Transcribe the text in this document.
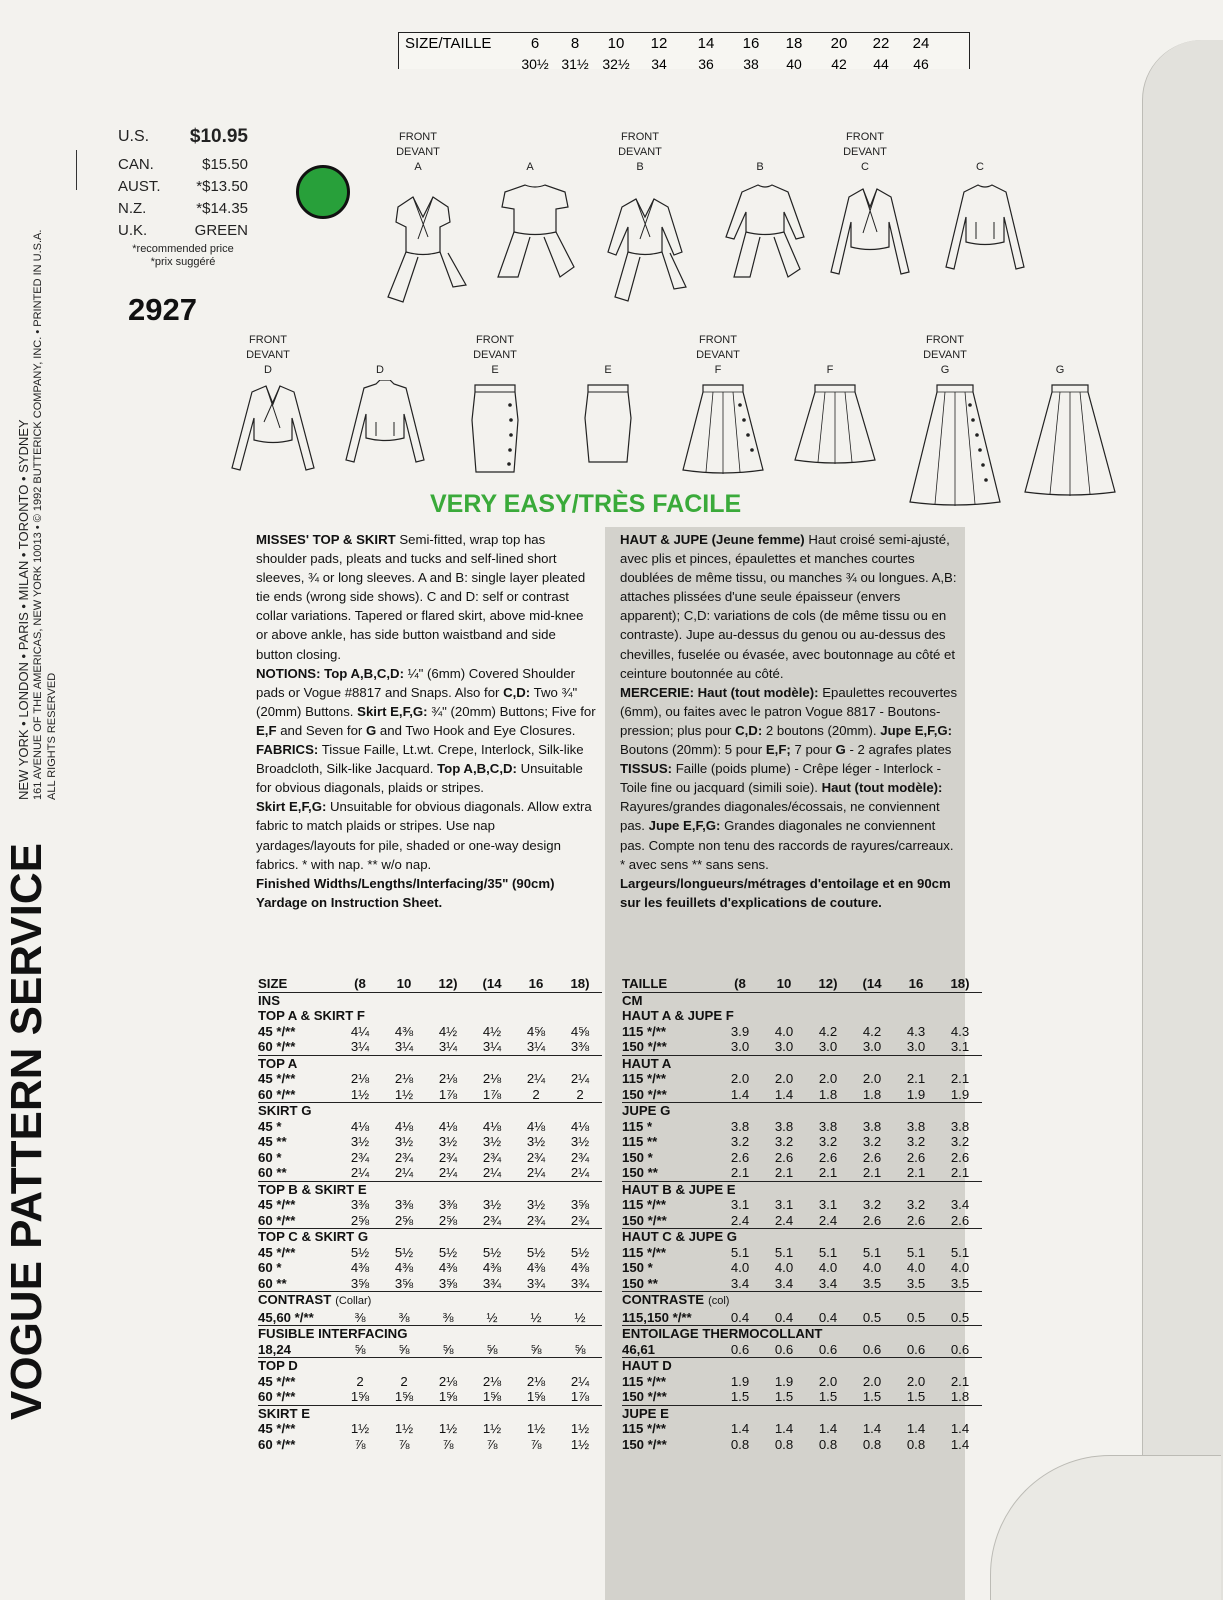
VOGUE PATTERN SERVICE
NEW YORK • LONDON • PARIS • MILAN • TORONTO • SYDNEY 161 AVENUE OF THE AMERICAS, NEW YORK 10013 • © 1992 BUTTERICK COMPANY, INC. • PRINTED IN U.S.A. ALL RIGHTS RESERVED
SIZE/TAILLE	6	8	10	12	14	16	18	20	22	24
	30½	31½	32½	34	36	38	40	42	44	46
U.S. $10.95
CAN.	$15.50
AUST. *$13.50
N.Z.	*$14.35
U.K.	GREEN
*recommended price
*prix suggéré
2927
FRONT
DEVANT
A	A
FRONT
DEVANT
B	B
FRONT
DEVANT
C	C
FRONT
DEVANT
D	D
FRONT
DEVANT
E	E
FRONT
DEVANT
F	F
FRONT
DEVANT
G	G
VERY EASY/TRÈS FACILE
MISSES' TOP & SKIRT Semi-fitted, wrap top has shoulder pads, pleats and tucks and self-lined short sleeves, ¾ or long sleeves. A and B: single layer pleated tie ends (wrong side shows). C and D: self or contrast collar variations. Tapered or flared skirt, above mid-knee or above ankle, has side button waistband and side button closing.
NOTIONS: Top A,B,C,D: ¼" (6mm) Covered Shoulder pads or Vogue #8817 and Snaps. Also for C,D: Two ¾" (20mm) Buttons. Skirt E,F,G: ¾" (20mm) Buttons; Five for E,F and Seven for G and Two Hook and Eye Closures.
FABRICS: Tissue Faille, Lt.wt. Crepe, Interlock, Silk-like Broadcloth, Silk-like Jacquard. Top A,B,C,D: Unsuitable for obvious diagonals, plaids or stripes.
Skirt E,F,G: Unsuitable for obvious diagonals. Allow extra fabric to match plaids or stripes. Use nap yardages/layouts for pile, shaded or one-way design fabrics. * with nap. ** w/o nap.
Finished Widths/Lengths/Interfacing/35" (90cm) Yardage on Instruction Sheet.
HAUT & JUPE (Jeune femme) Haut croisé semi-ajusté, avec plis et pinces, épaulettes et manches courtes doublées de même tissu, ou manches ¾ ou longues. A,B: attaches plissées d'une seule épaisseur (envers apparent); C,D: variations de cols (de même tissu ou en contraste). Jupe au-dessus du genou ou au-dessus des chevilles, fuselée ou évasée, avec boutonnage au côté et ceinture boutonnée au côté.
MERCERIE: Haut (tout modèle): Epaulettes recouvertes (6mm), ou faites avec le patron Vogue 8817 - Boutons-pression; plus pour C,D: 2 boutons (20mm). Jupe E,F,G: Boutons (20mm): 5 pour E,F; 7 pour G - 2 agrafes plates
TISSUS: Faille (poids plume) - Crêpe léger - Interlock - Toile fine ou jacquard (simili soie). Haut (tout modèle): Rayures/grandes diagonales/écossais, ne conviennent pas. Jupe E,F,G: Grandes diagonales ne conviennent pas. Compte non tenu des raccords de rayures/carreaux. * avec sens ** sans sens.
Largeurs/longueurs/métrages d'entoilage et en 90cm sur les feuillets d'explications de couture.
SIZE	(8	10	12)	(14	16	18)
INS						
TOP A & SKIRT F						
45 */**	4¼	4⅜	4½	4½	4⅝	4⅝
60 */**	3¼	3¼	3¼	3¼	3¼	3⅜
TOP A						
45 */**	2⅛	2⅛	2⅛	2⅛	2¼	2¼
60 */**	1½	1½	1⅞	1⅞	2	2
SKIRT G						
45 *	4⅛	4⅛	4⅛	4⅛	4⅛	4⅛
45 **	3½	3½	3½	3½	3½	3½
60 *	2¾	2¾	2¾	2¾	2¾	2¾
60 **	2¼	2¼	2¼	2¼	2¼	2¼
TOP B & SKIRT E						
45 */**	3⅜	3⅜	3⅜	3½	3½	3⅝
60 */**	2⅝	2⅝	2⅝	2¾	2¾	2¾
TOP C & SKIRT G						
45 */**	5½	5½	5½	5½	5½	5½
60 *	4⅜	4⅜	4⅜	4⅜	4⅜	4⅜
60 **	3⅝	3⅝	3⅝	3¾	3¾	3¾
CONTRAST (Collar)						
45,60 */**	⅜	⅜	⅜	½	½	½
FUSIBLE INTERFACING						
18,24	⅝	⅝	⅝	⅝	⅝	⅝
TOP D						
45 */**	2	2	2⅛	2⅛	2⅛	2¼
60 */**	1⅝	1⅝	1⅝	1⅝	1⅝	1⅞
SKIRT E						
45 */**	1½	1½	1½	1½	1½	1½
60 */**	⅞	⅞	⅞	⅞	⅞	1½
TAILLE	(8	10	12)	(14	16	18)
CM						
HAUT A & JUPE F						
115 */**	3.9	4.0	4.2	4.2	4.3	4.3
150 */**	3.0	3.0	3.0	3.0	3.0	3.1
HAUT A						
115 */**	2.0	2.0	2.0	2.0	2.1	2.1
150 */**	1.4	1.4	1.8	1.8	1.9	1.9
JUPE G						
115 *	3.8	3.8	3.8	3.8	3.8	3.8
115 **	3.2	3.2	3.2	3.2	3.2	3.2
150 *	2.6	2.6	2.6	2.6	2.6	2.6
150 **	2.1	2.1	2.1	2.1	2.1	2.1
HAUT B & JUPE E						
115 */**	3.1	3.1	3.1	3.2	3.2	3.4
150 */**	2.4	2.4	2.4	2.6	2.6	2.6
HAUT C & JUPE G						
115 */**	5.1	5.1	5.1	5.1	5.1	5.1
150 *	4.0	4.0	4.0	4.0	4.0	4.0
150 **	3.4	3.4	3.4	3.5	3.5	3.5
CONTRASTE (col)						
115,150 */**	0.4	0.4	0.4	0.5	0.5	0.5
ENTOILAGE THERMOCOLLANT						
46,61	0.6	0.6	0.6	0.6	0.6	0.6
HAUT D						
115 */**	1.9	1.9	2.0	2.0	2.0	2.1
150 */**	1.5	1.5	1.5	1.5	1.5	1.8
JUPE E						
115 */**	1.4	1.4	1.4	1.4	1.4	1.4
150 */**	0.8	0.8	0.8	0.8	0.8	1.4
